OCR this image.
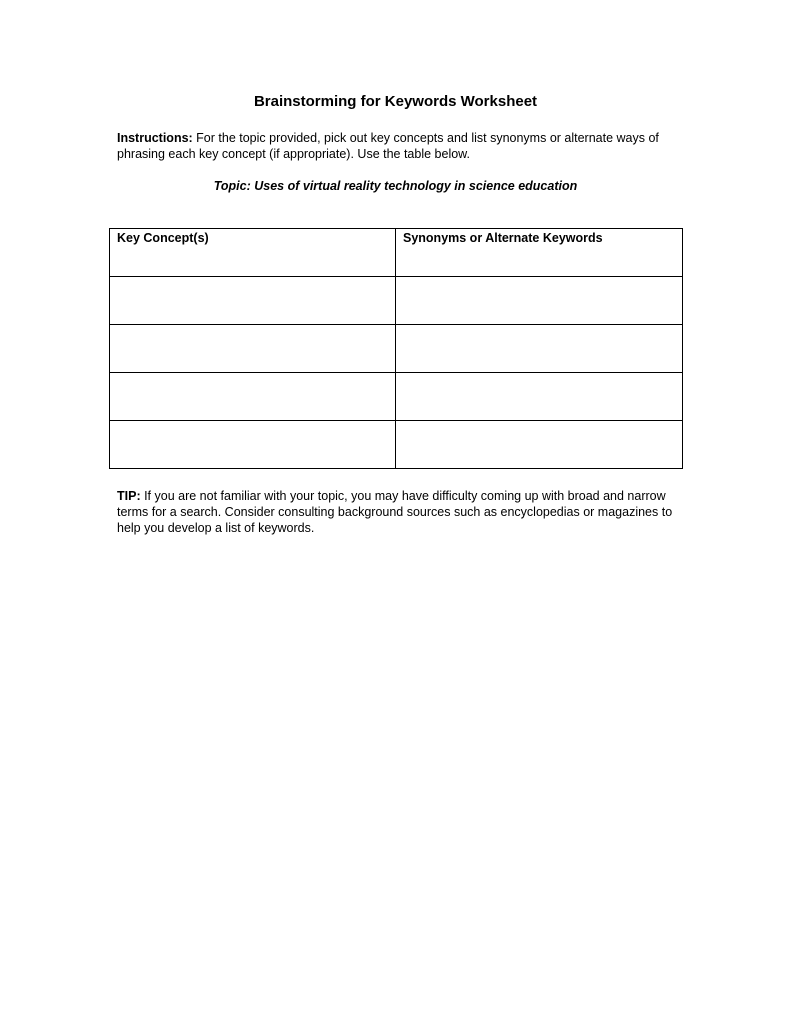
Brainstorming for Keywords Worksheet
Instructions: For the topic provided, pick out key concepts and list synonyms or alternate ways of phrasing each key concept (if appropriate). Use the table below.
Topic: Uses of virtual reality technology in science education
Key Concept(s)	Synonyms or Alternate Keywords

TIP: If you are not familiar with your topic, you may have difficulty coming up with broad and narrow terms for a search. Consider consulting background sources such as encyclopedias or magazines to help you develop a list of keywords.
